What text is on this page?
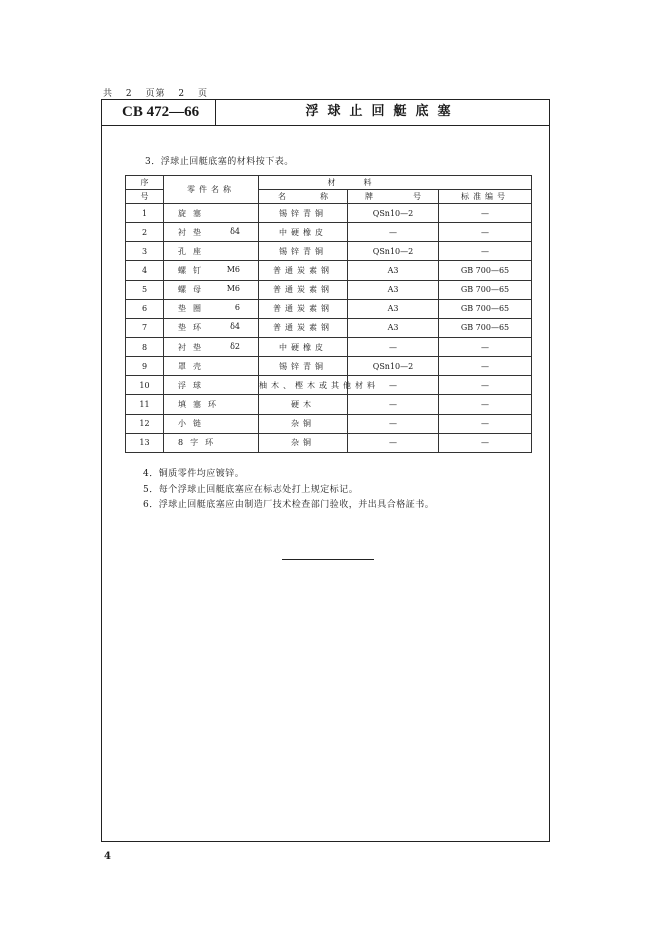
共 2 页第 2 页
CB 472—66	浮球止回艇底塞
3．浮球止回艇底塞的材料按下表。
序	零件名称	材	料	
号		名 称	牌 号	标准编号
1	旋塞	锡锌青铜	QSn10—2	—
2	衬垫 δ4	中硬橡皮	—	—
3	孔座	锡锌青铜	QSn10—2	—
4	螺钉 M6	普通炭素钢	A3	GB 700—65
5	螺母 M6	普通炭素钢	A3	GB 700—65
6	垫圈 6	普通炭素钢	A3	GB 700—65
7	垫环 δ4	普通炭素钢	A3	GB 700—65
8	衬垫 δ2	中硬橡皮	—	—
9	罩壳	锡锌青铜	QSn10—2	—
10	浮球	柚木、樫木或其他材料	—	—
11	填塞环	硬木	—	—
12	小链	杂铜	—	—
13	8字环	杂铜	—	—
4．铜质零件均应镀锌。
5．每个浮球止回艇底塞应在标志处打上规定标记。
6．浮球止回艇底塞应由制造厂技术检查部门验收，并出具合格証书。
4
